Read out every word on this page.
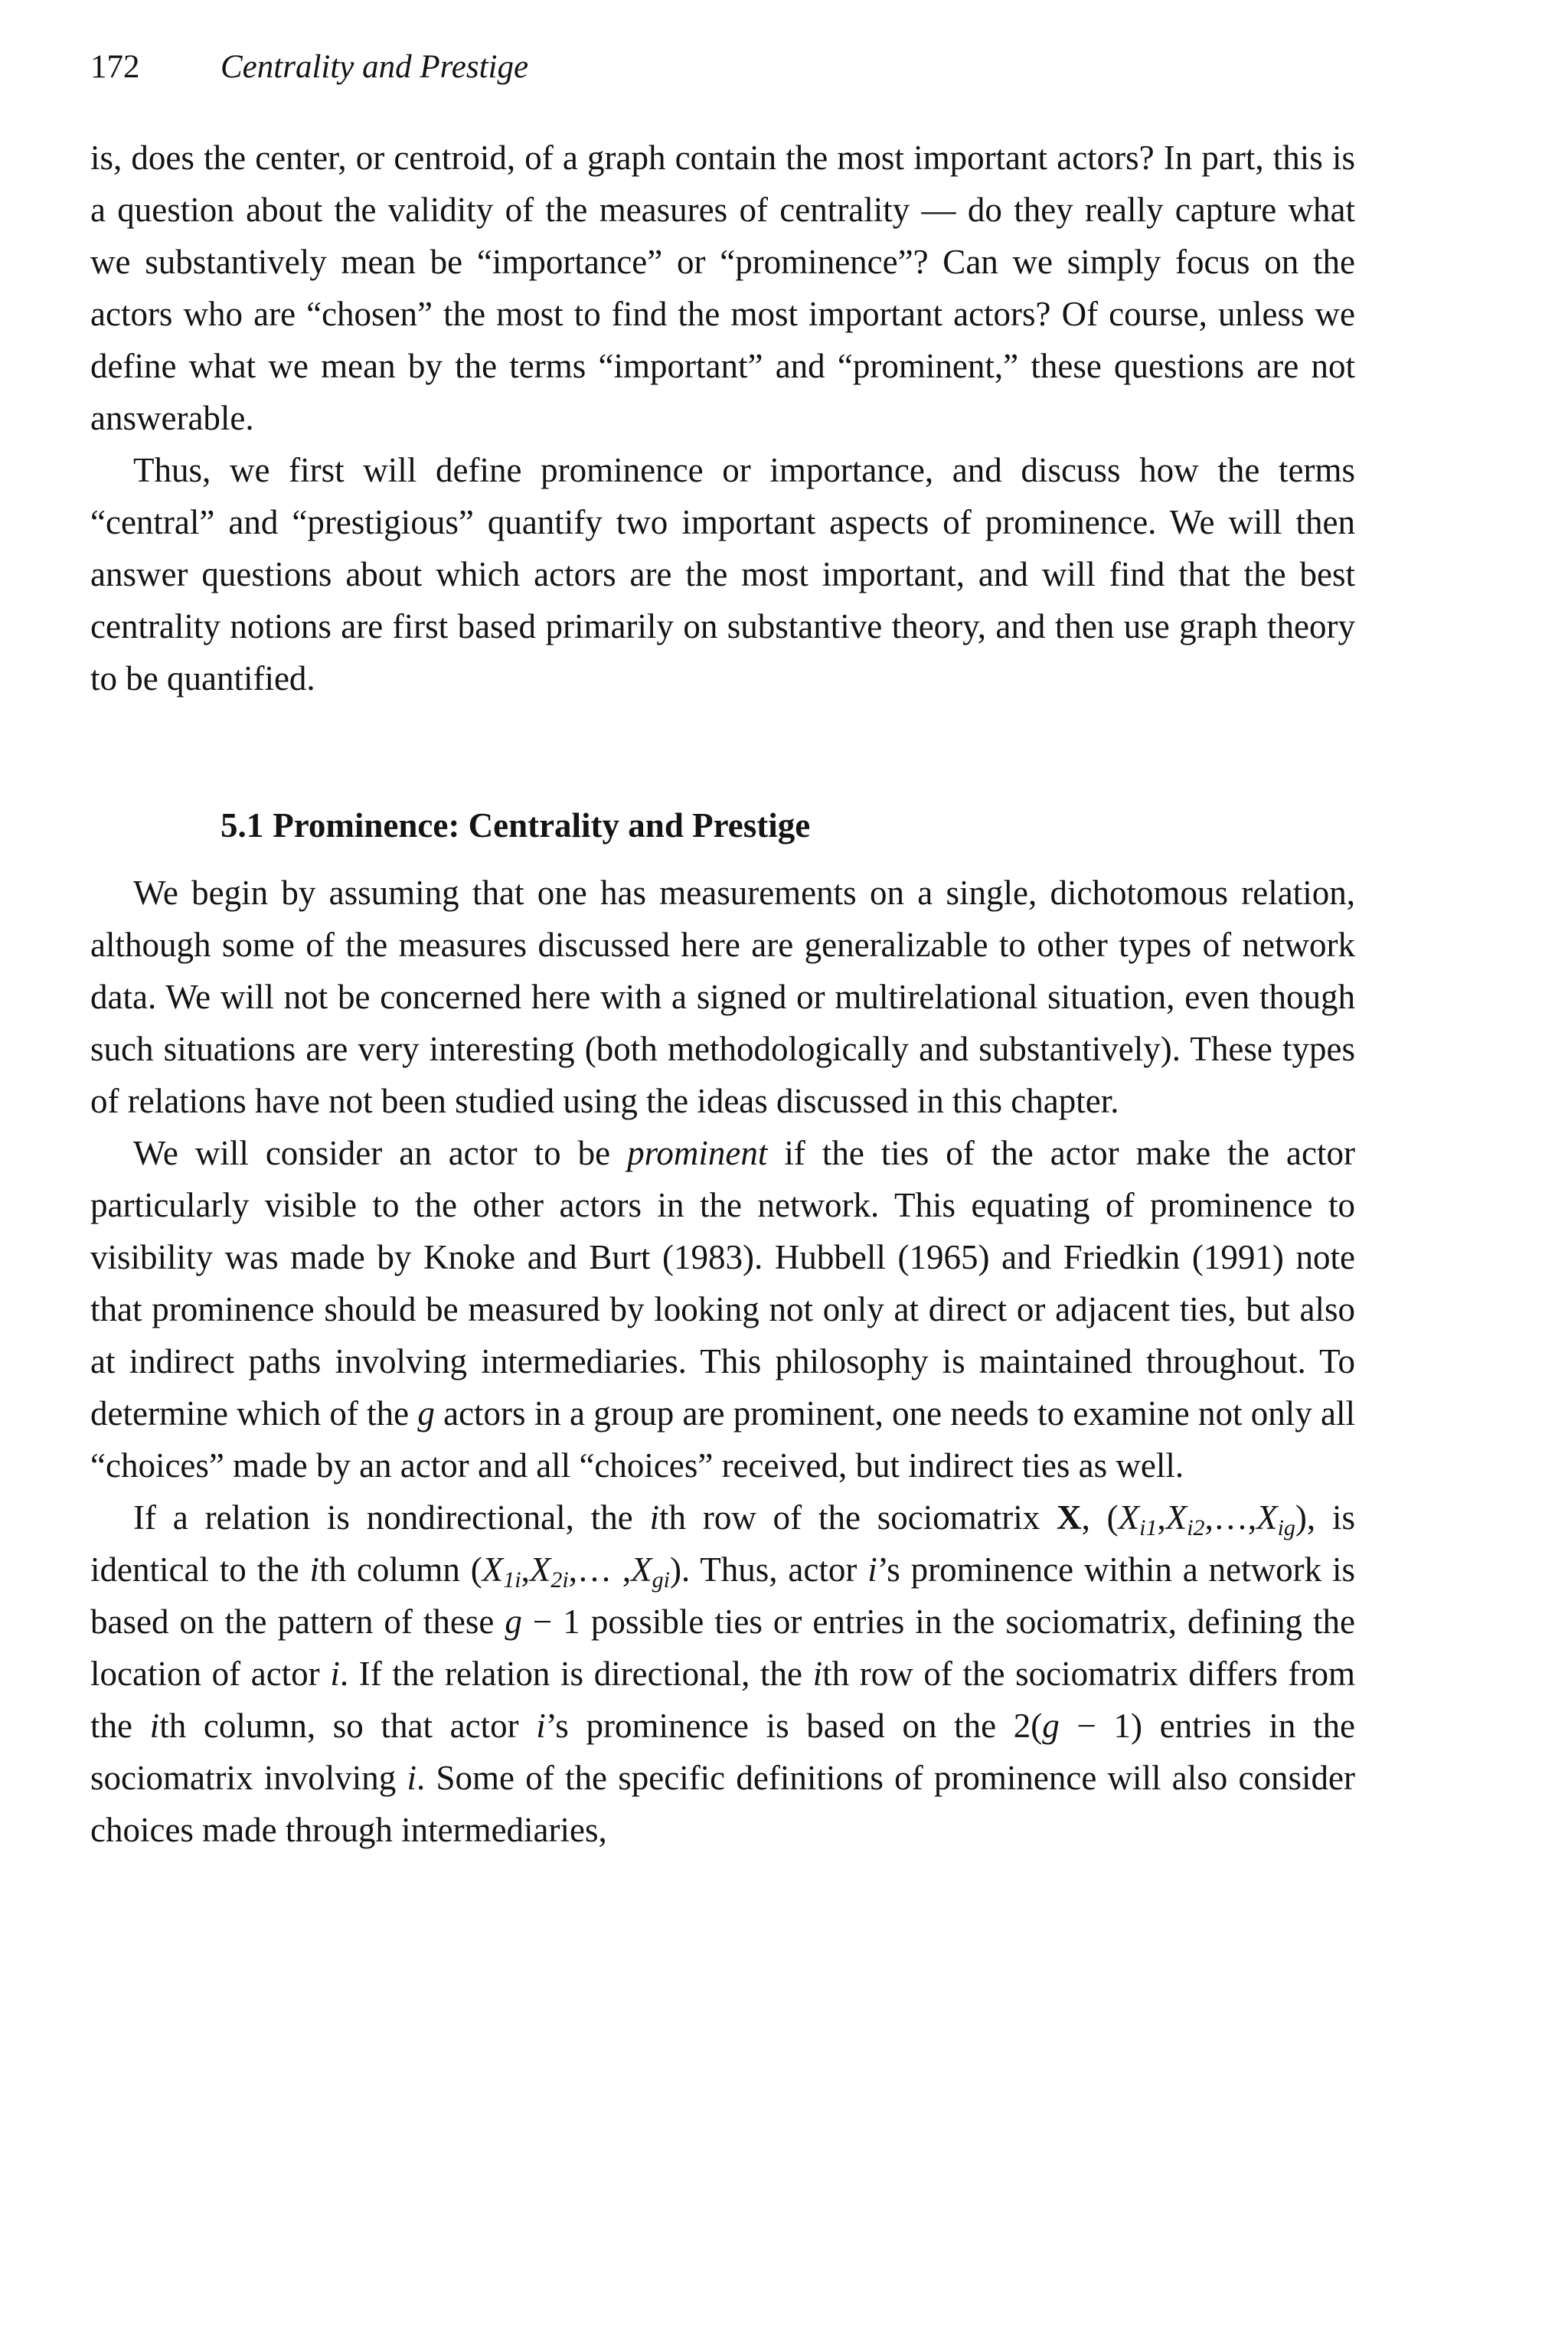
172 Centrality and Prestige

is, does the center, or centroid, of a graph contain the most important actors? In part, this is a question about the validity of the measures of centrality — do they really capture what we substantively mean be “importance” or “prominence”? Can we simply focus on the actors who are “chosen” the most to find the most important actors? Of course, unless we define what we mean by the terms “important” and “prominent,” these questions are not answerable.

Thus, we first will define prominence or importance, and discuss how the terms “central” and “prestigious” quantify two important aspects of prominence. We will then answer questions about which actors are the most important, and will find that the best centrality notions are first based primarily on substantive theory, and then use graph theory to be quantified.

5.1 Prominence: Centrality and Prestige

We begin by assuming that one has measurements on a single, dichotomous relation, although some of the measures discussed here are generalizable to other types of network data. We will not be concerned here with a signed or multirelational situation, even though such situations are very interesting (both methodologically and substantively). These types of relations have not been studied using the ideas discussed in this chapter.

We will consider an actor to be prominent if the ties of the actor make the actor particularly visible to the other actors in the network. This equating of prominence to visibility was made by Knoke and Burt (1983). Hubbell (1965) and Friedkin (1991) note that prominence should be measured by looking not only at direct or adjacent ties, but also at indirect paths involving intermediaries. This philosophy is maintained throughout. To determine which of the g actors in a group are prominent, one needs to examine not only all “choices” made by an actor and all “choices” received, but indirect ties as well.

If a relation is nondirectional, the ith row of the sociomatrix X, $(X_{i1},X_{i2},\dots,X_{ig})$, is identical to the ith column ($X_{1i},X_{2i},\dots$ $,X_{gi}$). Thus, actor i’s prominence within a network is based on the pattern of these g − 1 possible ties or entries in the sociomatrix, defining the location of actor i. If the relation is directional, the ith row of the sociomatrix differs from the ith column, so that actor i’s prominence is based on the 2(g − 1) entries in the sociomatrix involving i. Some of the specific definitions of prominence will also consider choices made through intermediaries,
